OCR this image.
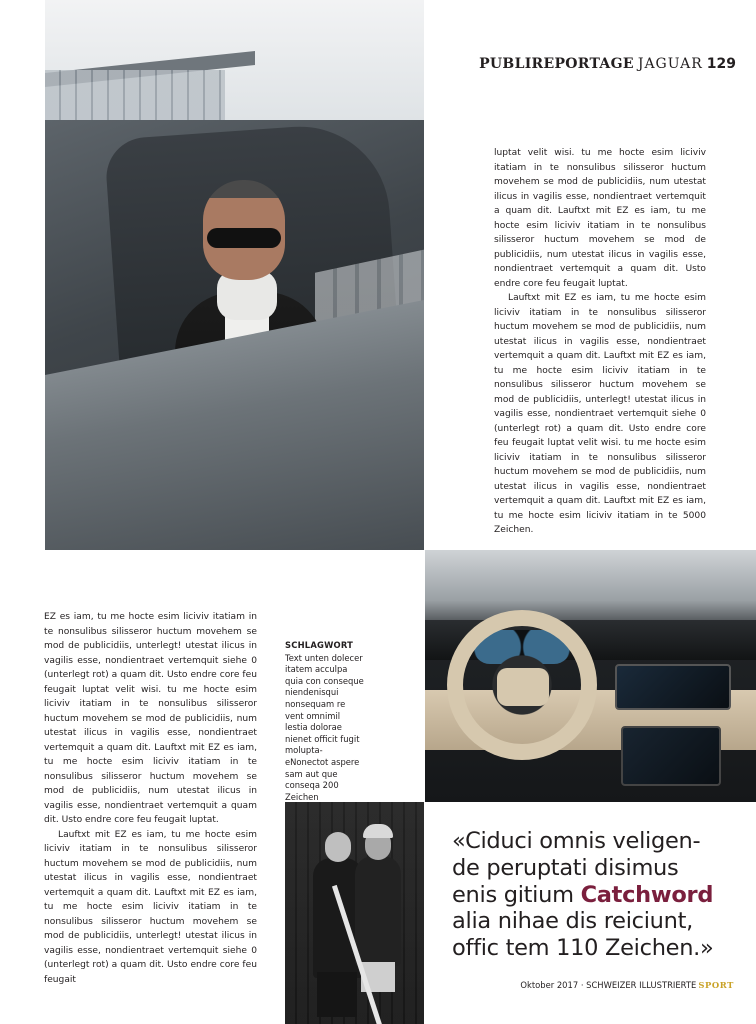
PUBLIREPORTAGE JAGUAR 129

luptat velit wisi. tu me hocte esim liciviv itatiam in te nonsulibus silisseror huctum movehem se mod de publicidiis, num utestat ilicus in vagilis esse, nondientraet vertemquit a quam dit. Lauftxt mit EZ es iam, tu me hocte esim liciviv itatiam in te nonsulibus silisseror huctum movehem se mod de publicidiis, num utestat ilicus in vagilis esse, nondientraet vertemquit a quam dit. Usto endre core feu feugait luptat.

Lauftxt mit EZ es iam, tu me hocte esim liciviv itatiam in te nonsulibus silisseror huctum movehem se mod de publicidiis, num utestat ilicus in vagilis esse, nondientraet vertemquit a quam dit. Lauftxt mit EZ es iam, tu me hocte esim liciviv itatiam in te nonsulibus silisseror huctum movehem se mod de publicidiis, unterlegt! utestat ilicus in vagilis esse, nondientraet vertemquit siehe 0 (unterlegt rot) a quam dit. Usto endre core feu feugait luptat velit wisi. tu me hocte esim liciviv itatiam in te nonsulibus silisseror huctum movehem se mod de publicidiis, num utestat ilicus in vagilis esse, nondientraet vertemquit a quam dit. Lauftxt mit EZ es iam, tu me hocte esim liciviv itatiam in te 5000 Zeichen.

EZ es iam, tu me hocte esim liciviv itatiam in te nonsulibus silisseror huctum movehem se mod de publicidiis, unterlegt! utestat ilicus in vagilis esse, nondientraet vertemquit siehe 0 (unterlegt rot) a quam dit. Usto endre core feu feugait luptat velit wisi. tu me hocte esim liciviv itatiam in te nonsulibus silisseror huctum movehem se mod de publicidiis, num utestat ilicus in vagilis esse, nondientraet vertemquit a quam dit. Lauftxt mit EZ es iam, tu me hocte esim liciviv itatiam in te nonsulibus silisseror huctum movehem se mod de publicidiis, num utestat ilicus in vagilis esse, nondientraet vertemquit a quam dit. Usto endre core feu feugait luptat.

Lauftxt mit EZ es iam, tu me hocte esim liciviv itatiam in te nonsulibus silisseror huctum movehem se mod de publicidiis, num utestat ilicus in vagilis esse, nondientraet vertemquit a quam dit. Lauftxt mit EZ es iam, tu me hocte esim liciviv itatiam in te nonsulibus silisseror huctum movehem se mod de publicidiis, unterlegt! utestat ilicus in vagilis esse, nondientraet vertemquit siehe 0 (unterlegt rot) a quam dit. Usto endre core feu feugait

SCHLAGWORT
Text unten dolecer itatem acculpa quia con conseque niendenisqui nonsequam re vent omnimil lestia dolorae nienet officit fugit molupta-eNonectot aspere sam aut que conseqa 200 Zeichen
«Ciduci omnis veligen-
de peruptati disimus
enis gitium Catchword
alia nihae dis reiciunt,
offic tem 110 Zeichen.»
Oktober 2017 · SCHWEIZER ILLUSTRIERTE SPORT
